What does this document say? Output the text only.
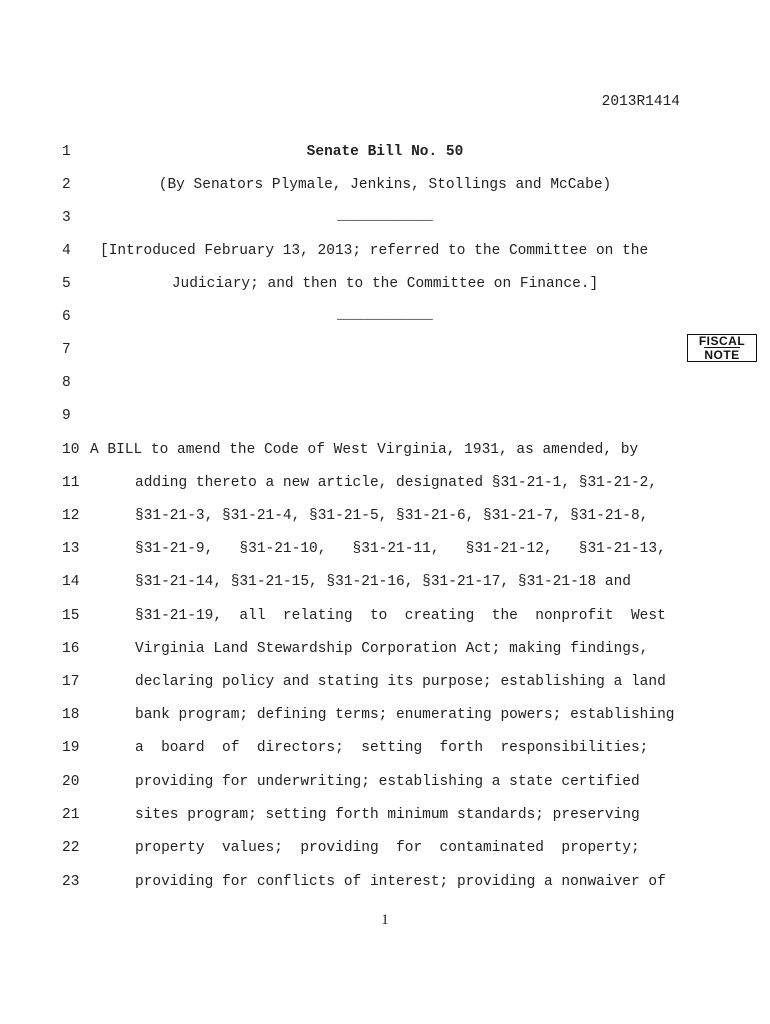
2013R1414
1
2
3
4
5
6
7
8
9
10
11
12
13
14
15
16
17
18
19
20
21
22
23
Senate Bill No. 50
(By Senators Plymale, Jenkins, Stollings and McCabe)
___________
[Introduced February 13, 2013; referred to the Committee on the
Judiciary; and then to the Committee on Finance.]
___________
FISCAL
NOTE
A BILL to amend the Code of West Virginia, 1931, as amended, by
adding thereto a new article, designated §31-21-1, §31-21-2,
§31-21-3, §31-21-4, §31-21-5, §31-21-6, §31-21-7, §31-21-8,
§31-21-9,   §31-21-10,   §31-21-11,   §31-21-12,   §31-21-13,
§31-21-14, §31-21-15, §31-21-16, §31-21-17, §31-21-18 and
§31-21-19,  all  relating  to  creating  the  nonprofit  West
Virginia Land Stewardship Corporation Act; making findings,
declaring policy and stating its purpose; establishing a land
bank program; defining terms; enumerating powers; establishing
a  board  of  directors;  setting  forth  responsibilities;
providing for underwriting; establishing a state certified
sites program; setting forth minimum standards; preserving
property  values;  providing  for  contaminated  property;
providing for conflicts of interest; providing a nonwaiver of
1
